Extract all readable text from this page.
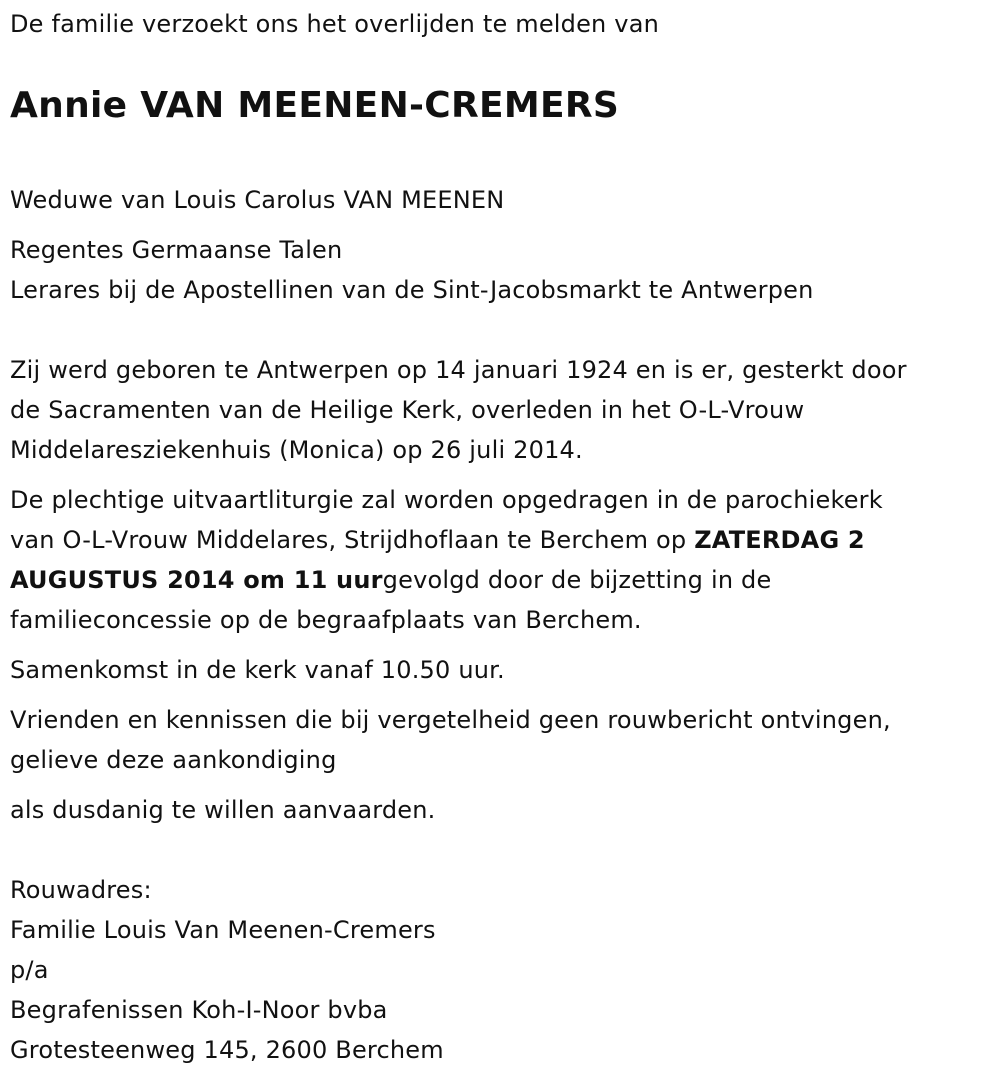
De familie verzoekt ons het overlijden te melden van

Annie VAN MEENEN-CREMERS

Weduwe van Louis Carolus VAN MEENEN

Regentes Germaanse Talen

Lerares bij de Apostellinen van de Sint-Jacobsmarkt te Antwerpen

Zij werd geboren te Antwerpen op 14 januari 1924 en is er, gesterkt door

de Sacramenten van de Heilige Kerk, overleden in het O-L-Vrouw

Middelaresziekenhuis (Monica) op 26 juli 2014.

De plechtige uitvaartliturgie zal worden opgedragen in de parochiekerk

van O-L-Vrouw Middelares, Strijdhoflaan te Berchem op ZATERDAG 2

AUGUSTUS 2014 om 11 uurgevolgd door de bijzetting in de

familieconcessie op de begraafplaats van Berchem.

Samenkomst in de kerk vanaf 10.50 uur.

Vrienden en kennissen die bij vergetelheid geen rouwbericht ontvingen,

gelieve deze aankondiging

als dusdanig te willen aanvaarden.

Rouwadres:

Familie Louis Van Meenen-Cremers

p/a

Begrafenissen Koh-I-Noor bvba

Grotesteenweg 145, 2600 Berchem
